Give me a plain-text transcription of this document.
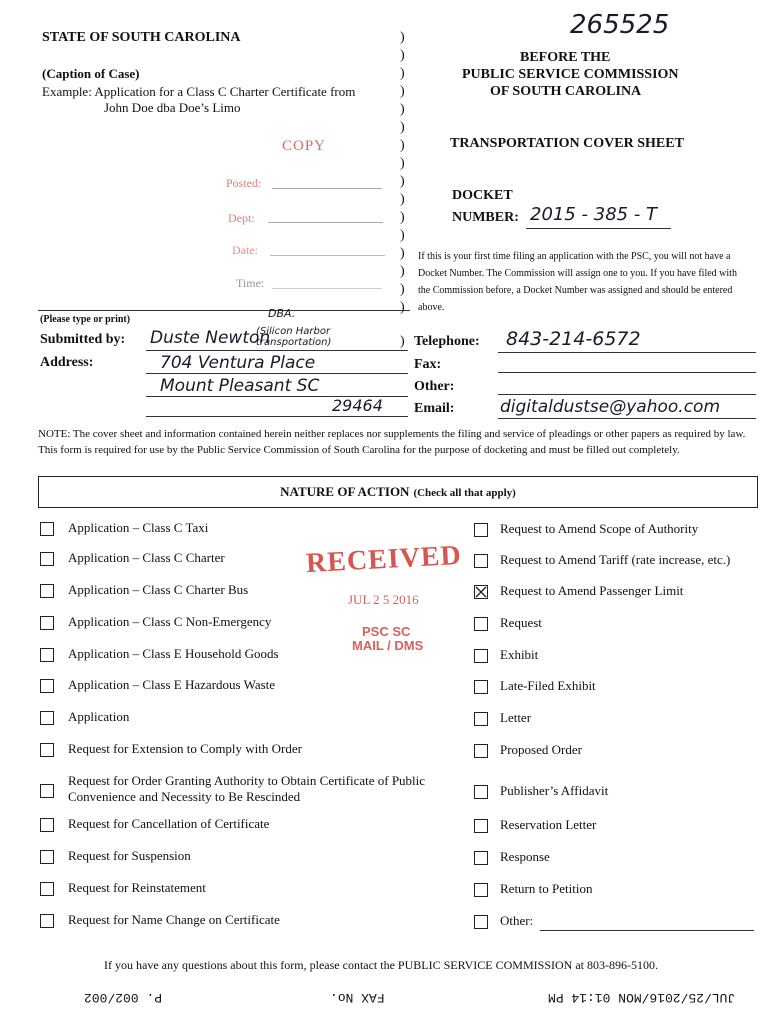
265525
STATE OF SOUTH CAROLINA
(Caption of Case)
Example: Application for a Class C Charter Certificate from
John Doe dba Doe’s Limo
)
)
)
)
)
)
)
)
)
)
)
)
)
)
)
)
)
BEFORE THE
PUBLIC SERVICE COMMISSION
OF SOUTH CAROLINA
TRANSPORTATION COVER SHEET
DOCKET
NUMBER: 2015 - 385 - T
If this is your first time filing an application with the PSC, you will not have a Docket Number. The Commission will assign one to you. If you have filed with the Commission before, a Docket Number was assigned and should be entered above.
COPY
Posted:
Dept:
Date:
Time:
(Please type or print)	DBA.
Submitted by: Duste Newton
(Silicon Harbor transportation)
Address:	704 Ventura Place
Mount Pleasant SC
29464
Telephone: 843-214-6572
Fax:
Other:
Email:	digitaldustse@yahoo.com
NOTE: The cover sheet and information contained herein neither replaces nor supplements the filing and service of pleadings or other papers as required by law. This form is required for use by the Public Service Commission of South Carolina for the purpose of docketing and must be filled out completely.
NATURE OF ACTION (Check all that apply)
Application – Class C Taxi
Application – Class C Charter
Application – Class C Charter Bus
Application – Class C Non-Emergency
Application – Class E Household Goods
Application – Class E Hazardous Waste
Application
Request for Extension to Comply with Order
Request for Order Granting Authority to Obtain Certificate of Public Convenience and Necessity to Be Rescinded
Request for Cancellation of Certificate
Request for Suspension
Request for Reinstatement
Request for Name Change on Certificate
Request to Amend Scope of Authority
Request to Amend Tariff (rate increase, etc.)
Request to Amend Passenger Limit
Request
Exhibit
Late-Filed Exhibit
Letter
Proposed Order
Publisher’s Affidavit
Reservation Letter
Response
Return to Petition
Other:
RECEIVED
JUL 2 5 2016
PSC SC
MAIL / DMS
If you have any questions about this form, please contact the PUBLIC SERVICE COMMISSION at 803-896-5100.
P. 002/002	FAX No.	JUL/25/2016/MON 01:14 PM
